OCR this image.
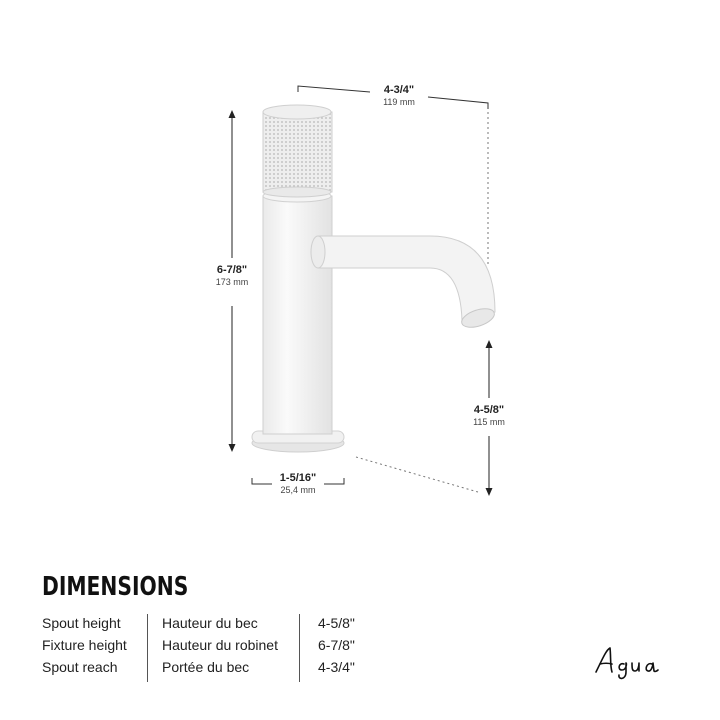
4-3/4"
119 mm
6-7/8"
173 mm
4-5/8"
115 mm
1-5/16"
25,4 mm
DIMENSIONS
Spout height	Hauteur du bec	4-5/8"
Fixture height	Hauteur du robinet	6-7/8"
Spout reach	Portée du bec	4-3/4"
